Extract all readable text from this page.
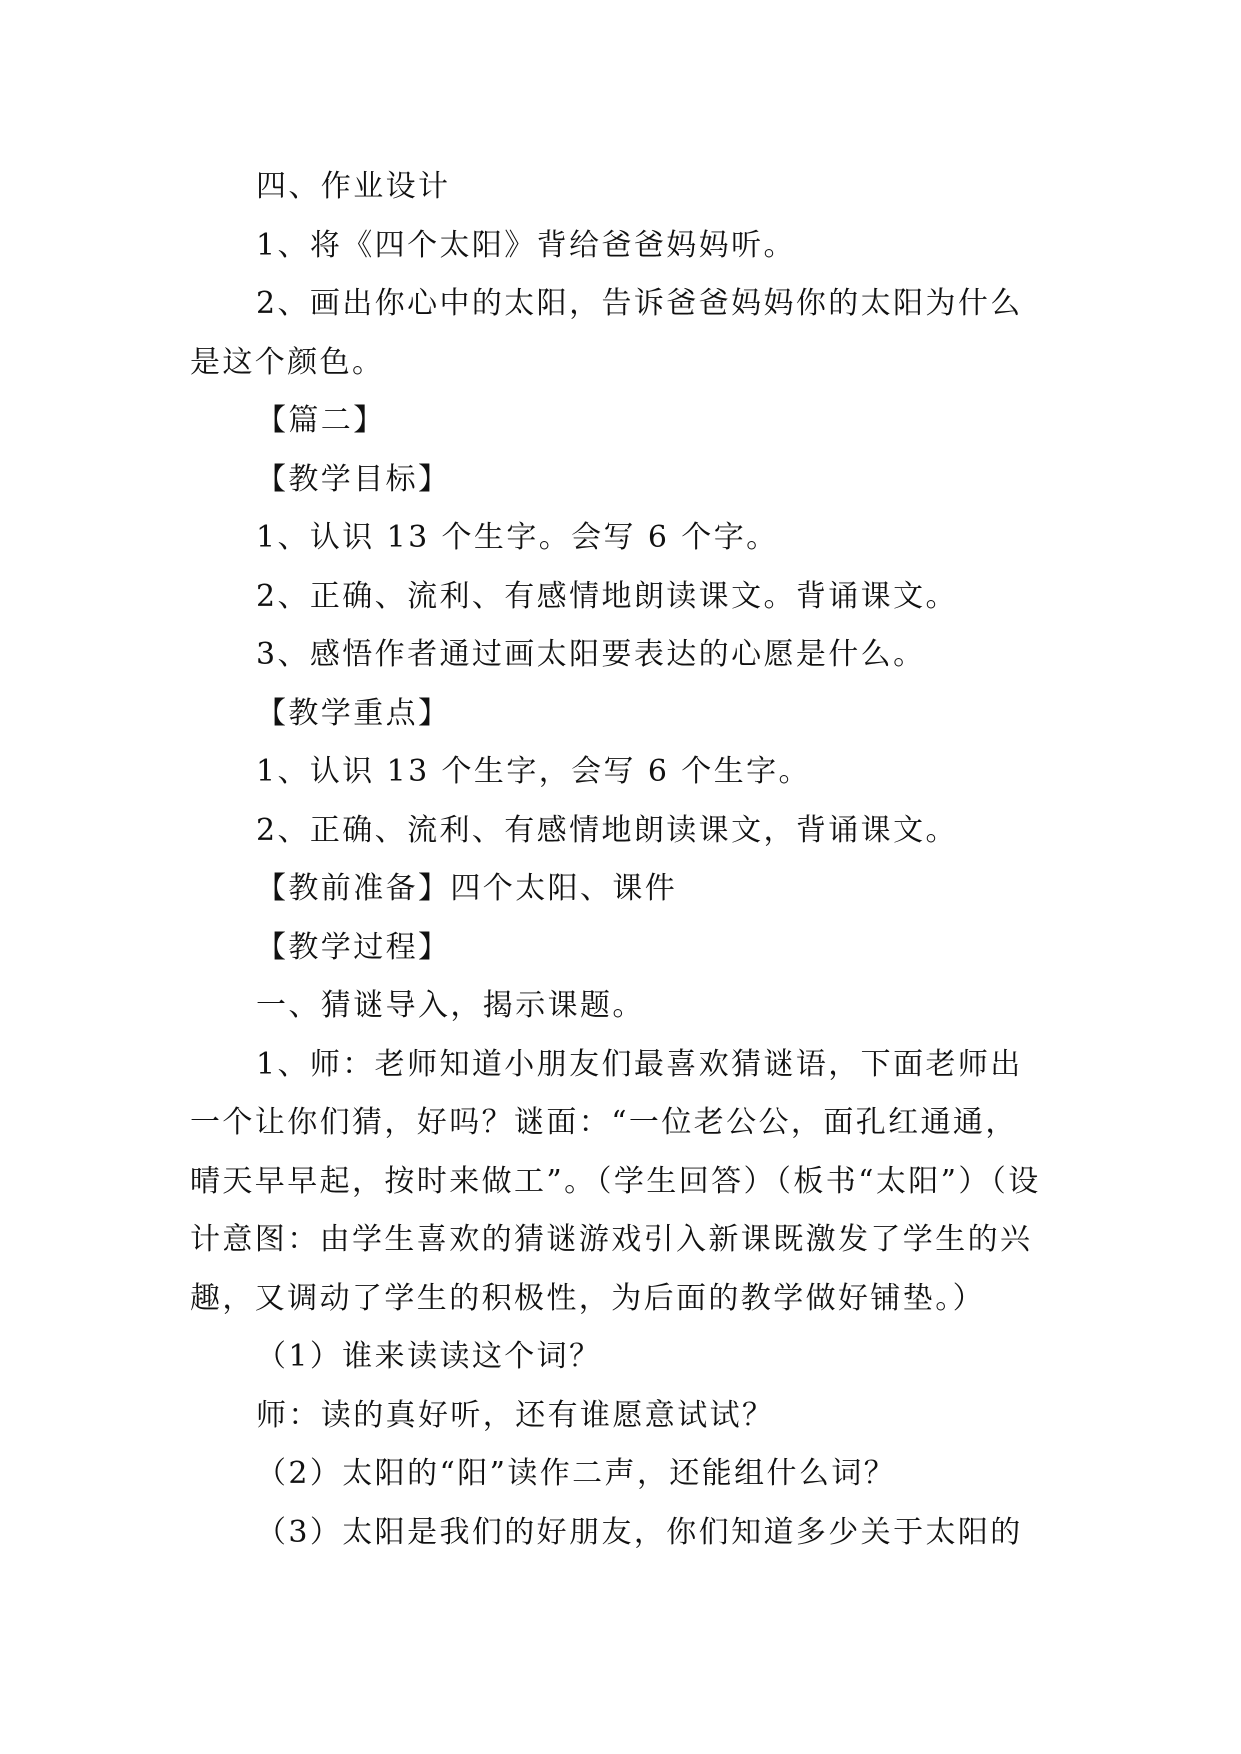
四、作业设计

1、将《四个太阳》背给爸爸妈妈听。

2、画出你心中的太阳，告诉爸爸妈妈你的太阳为什么

是这个颜色。

【篇二】

【教学目标】

1、认识 13 个生字。会写 6 个字。

2、正确、流利、有感情地朗读课文。背诵课文。

3、感悟作者通过画太阳要表达的心愿是什么。

【教学重点】

1、认识 13 个生字，会写 6 个生字。

2、正确、流利、有感情地朗读课文，背诵课文。

【教前准备】四个太阳、课件

【教学过程】

一、猜谜导入，揭示课题。

1、师：老师知道小朋友们最喜欢猜谜语，下面老师出

一个让你们猜，好吗？谜面：“一位老公公，面孔红通通，

晴天早早起，按时来做工”。（学生回答）（板书“太阳”）（设

计意图：由学生喜欢的猜谜游戏引入新课既激发了学生的兴

趣，又调动了学生的积极性，为后面的教学做好铺垫。）

（1）谁来读读这个词？

师：读的真好听，还有谁愿意试试？

（2）太阳的“阳”读作二声，还能组什么词？

（3）太阳是我们的好朋友，你们知道多少关于太阳的
